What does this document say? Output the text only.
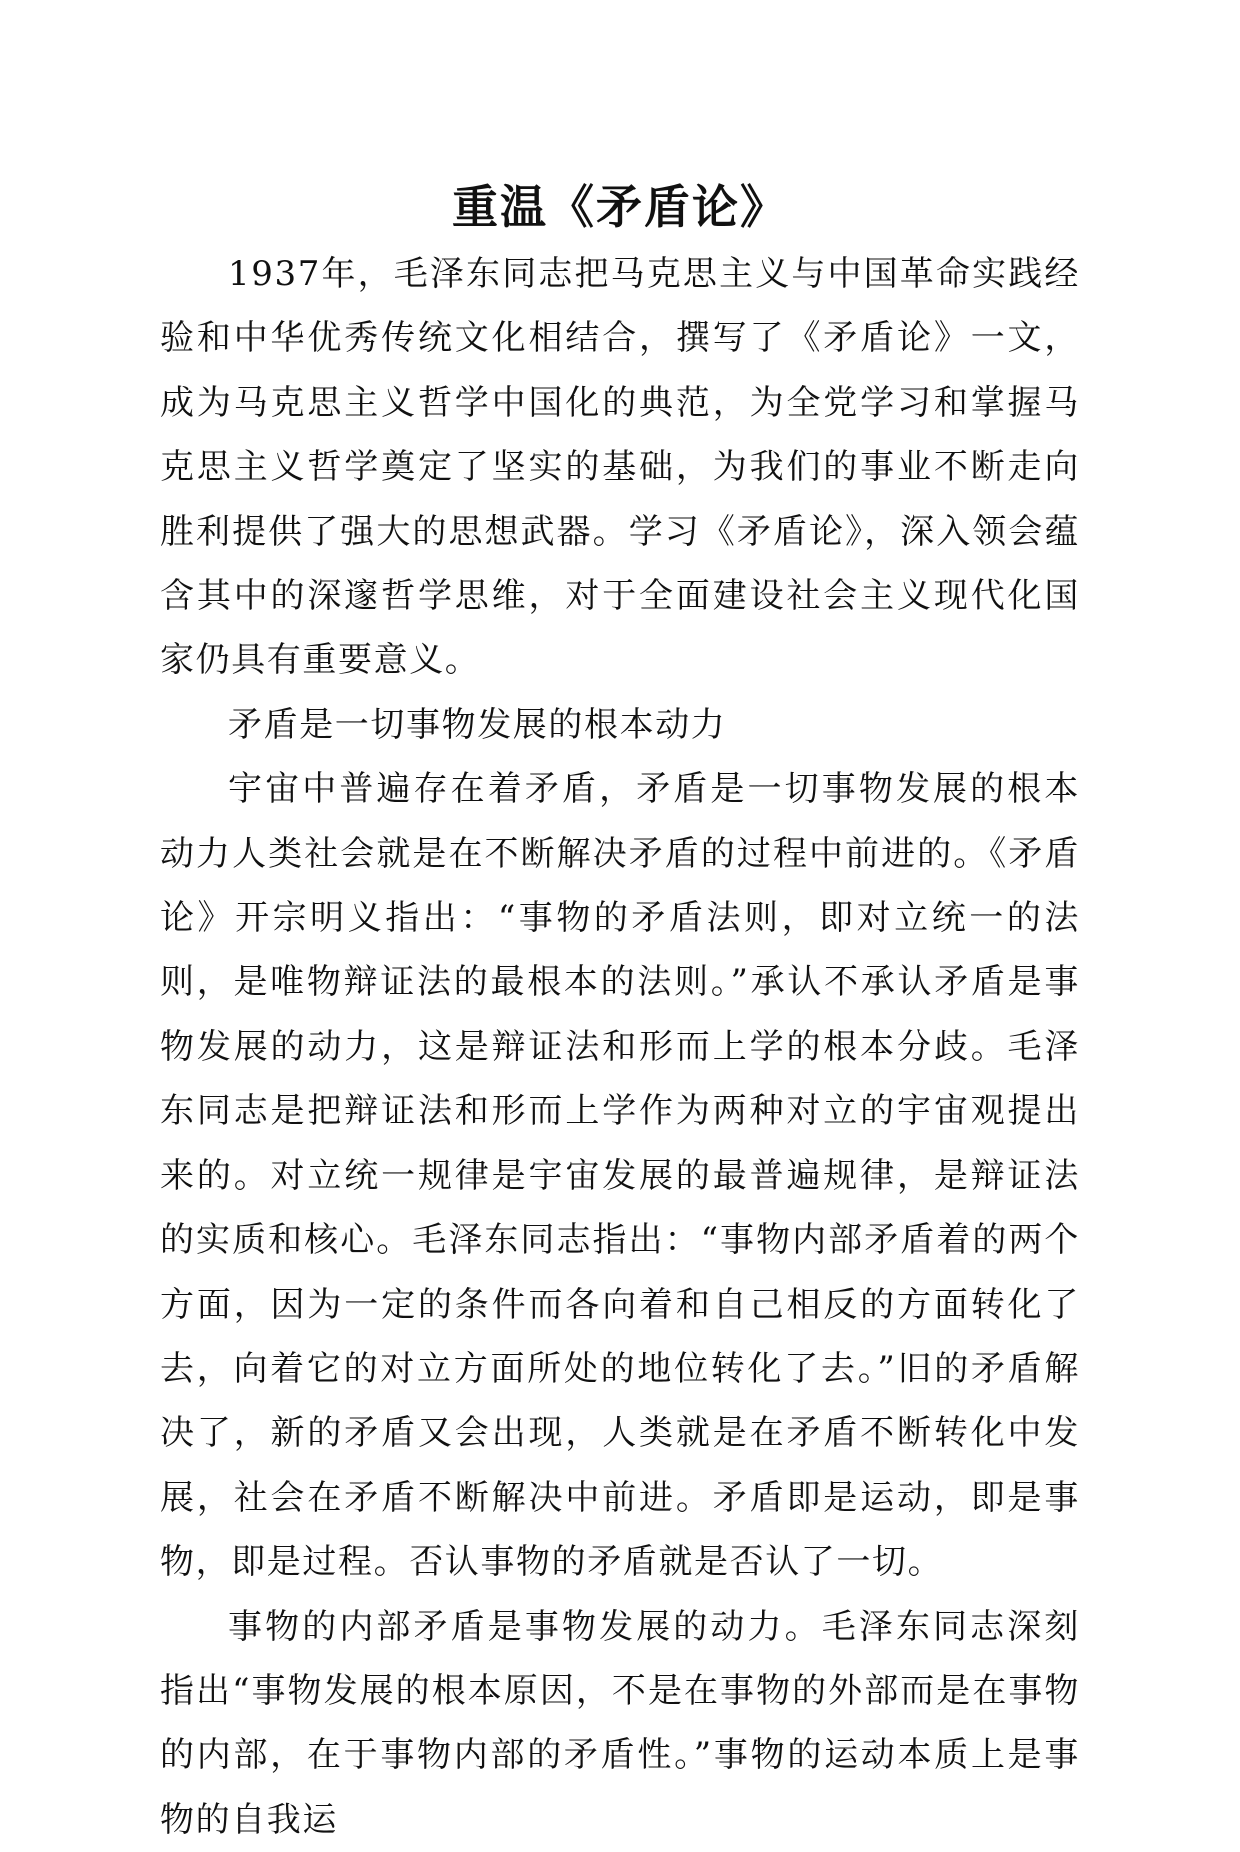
重温《矛盾论》

1937年，毛泽东同志把马克思主义与中国革命实践经验和中华优秀传统文化相结合，撰写了《矛盾论》一文，成为马克思主义哲学中国化的典范，为全党学习和掌握马克思主义哲学奠定了坚实的基础，为我们的事业不断走向胜利提供了强大的思想武器。学习《矛盾论》，深入领会蕴含其中的深邃哲学思维，对于全面建设社会主义现代化国家仍具有重要意义。

矛盾是一切事物发展的根本动力

宇宙中普遍存在着矛盾，矛盾是一切事物发展的根本动力人类社会就是在不断解决矛盾的过程中前进的。《矛盾论》开宗明义指出：“事物的矛盾法则，即对立统一的法则，是唯物辩证法的最根本的法则。”承认不承认矛盾是事物发展的动力，这是辩证法和形而上学的根本分歧。毛泽东同志是把辩证法和形而上学作为两种对立的宇宙观提出来的。对立统一规律是宇宙发展的最普遍规律，是辩证法的实质和核心。毛泽东同志指出：“事物内部矛盾着的两个方面，因为一定的条件而各向着和自己相反的方面转化了去，向着它的对立方面所处的地位转化了去。”旧的矛盾解决了，新的矛盾又会出现，人类就是在矛盾不断转化中发展，社会在矛盾不断解决中前进。矛盾即是运动，即是事物，即是过程。否认事物的矛盾就是否认了一切。

事物的内部矛盾是事物发展的动力。毛泽东同志深刻指出“事物发展的根本原因，不是在事物的外部而是在事物的内部，在于事物内部的矛盾性。”事物的运动本质上是事物的自我运
